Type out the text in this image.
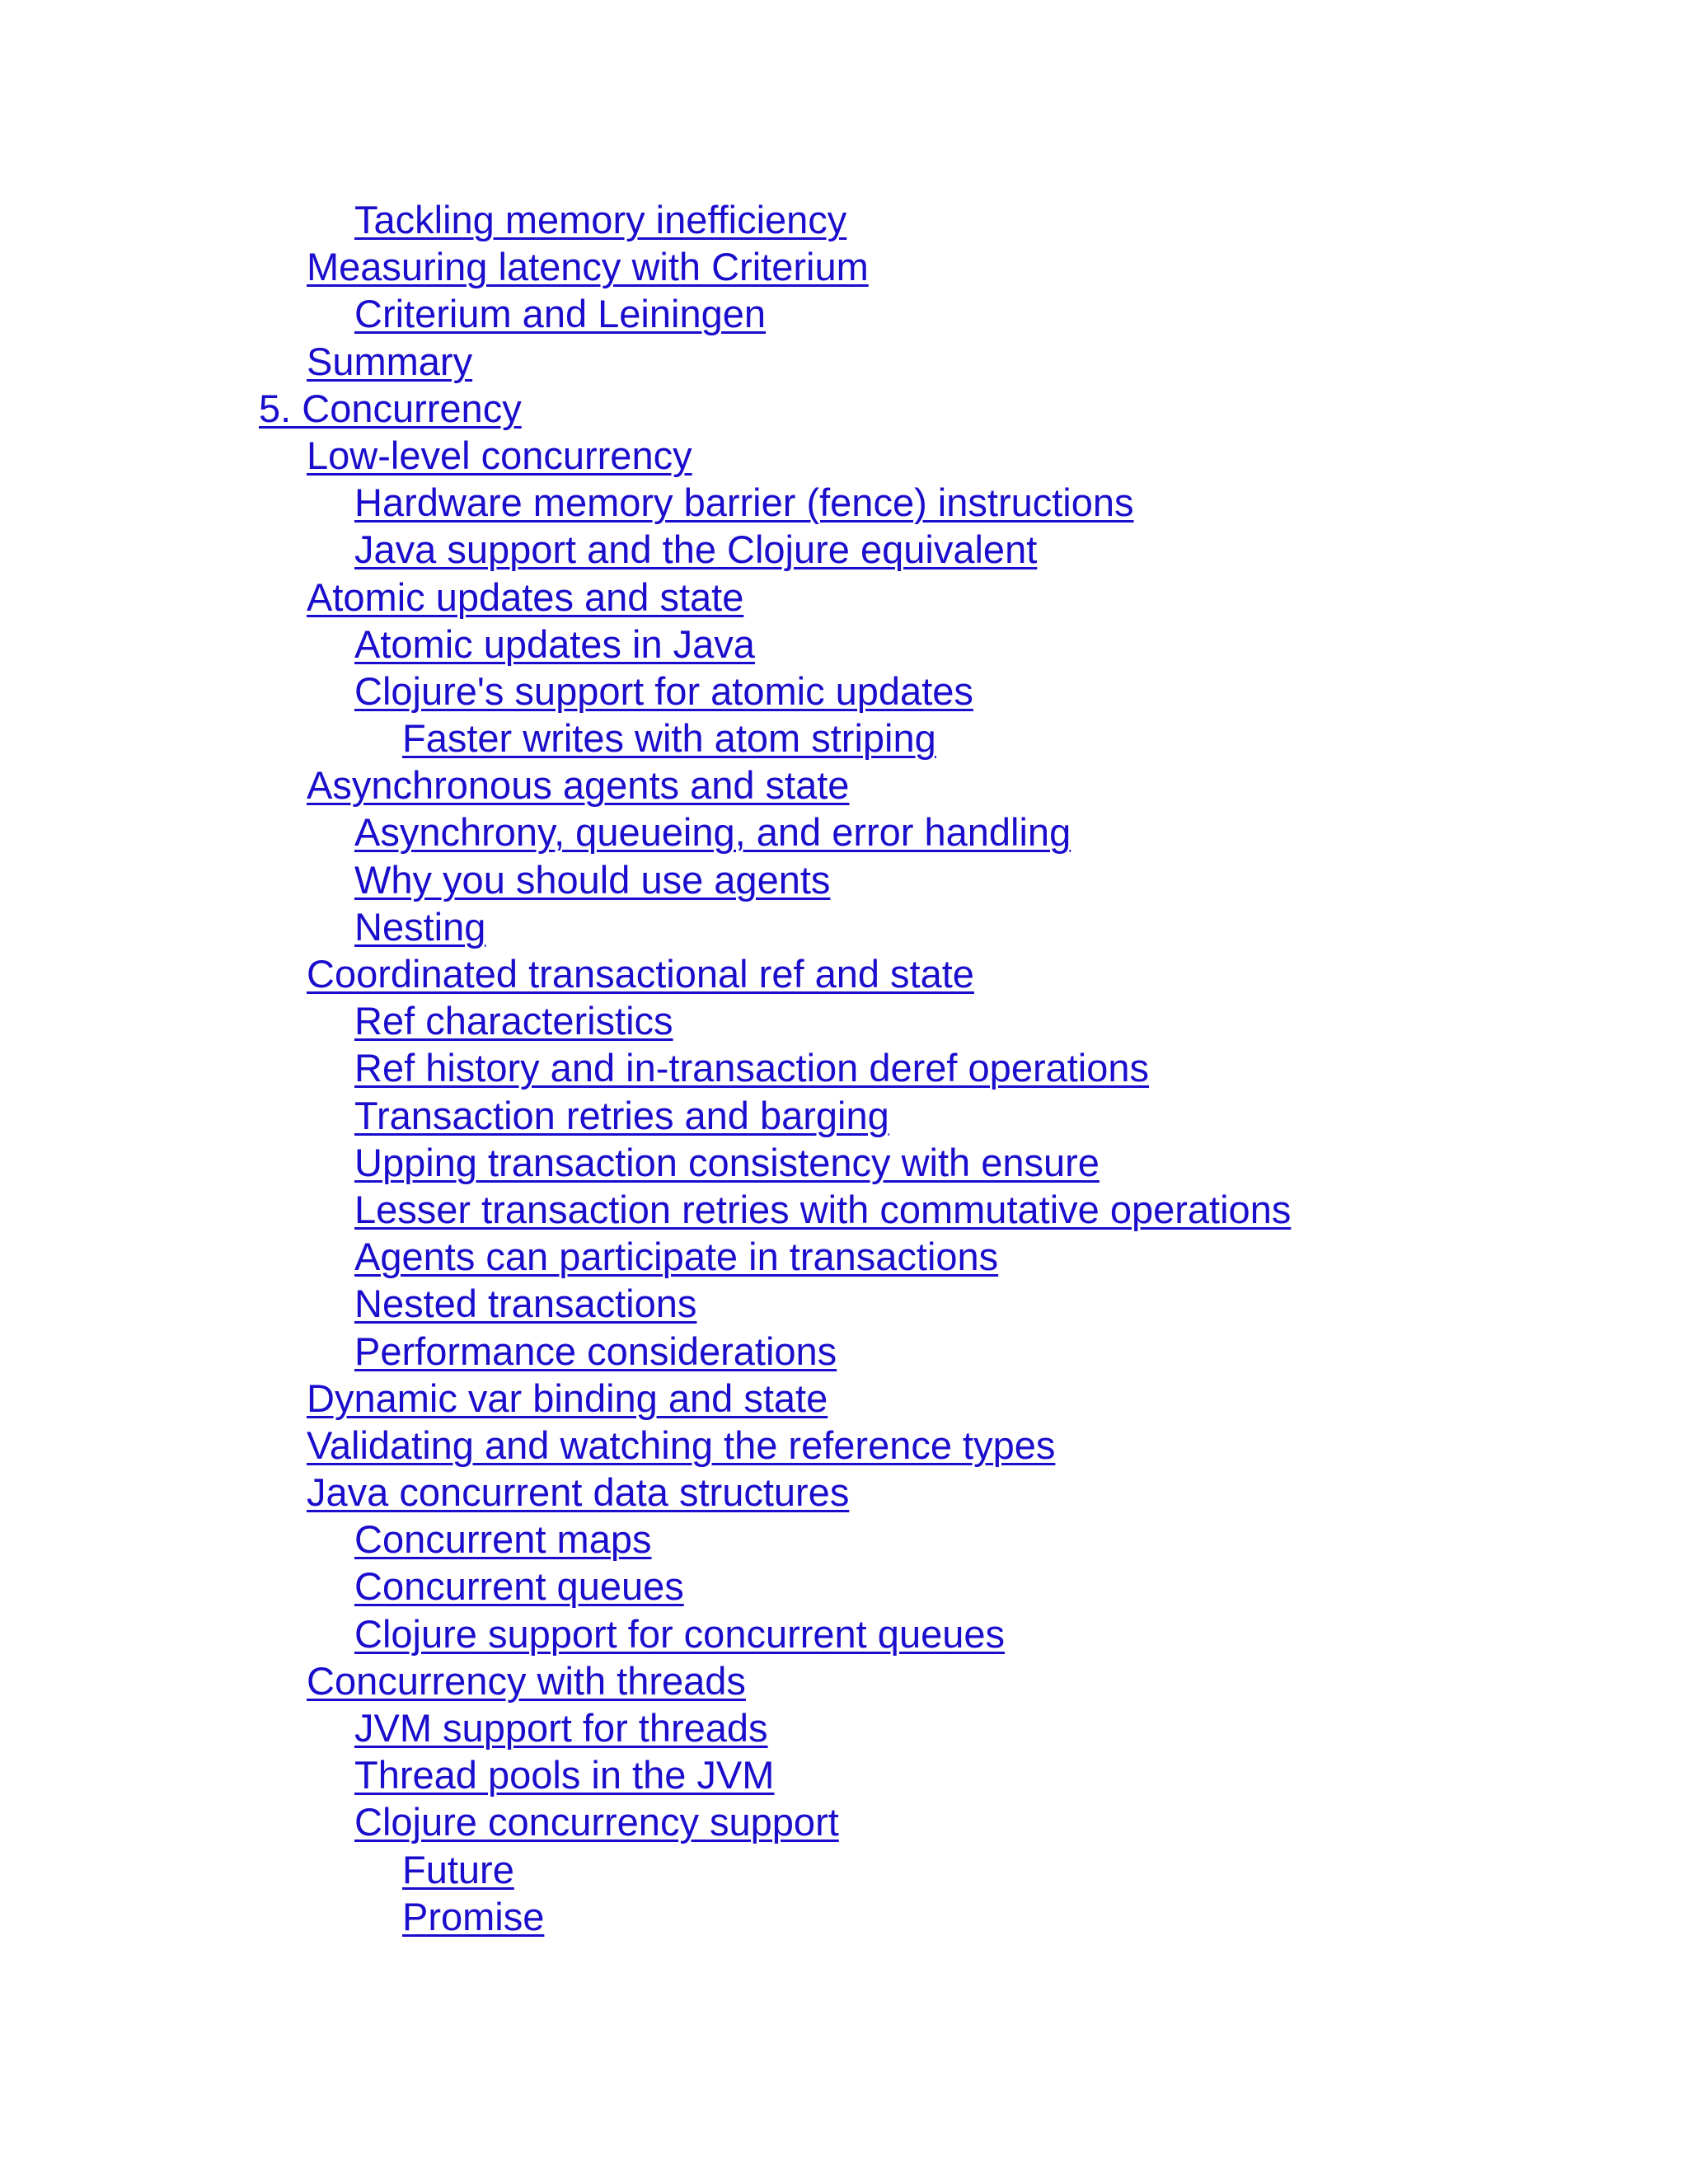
Tackling memory inefficiency
Measuring latency with Criterium
Criterium and Leiningen
Summary
5. Concurrency
Low-level concurrency
Hardware memory barrier (fence) instructions
Java support and the Clojure equivalent
Atomic updates and state
Atomic updates in Java
Clojure's support for atomic updates
Faster writes with atom striping
Asynchronous agents and state
Asynchrony, queueing, and error handling
Why you should use agents
Nesting
Coordinated transactional ref and state
Ref characteristics
Ref history and in-transaction deref operations
Transaction retries and barging
Upping transaction consistency with ensure
Lesser transaction retries with commutative operations
Agents can participate in transactions
Nested transactions
Performance considerations
Dynamic var binding and state
Validating and watching the reference types
Java concurrent data structures
Concurrent maps
Concurrent queues
Clojure support for concurrent queues
Concurrency with threads
JVM support for threads
Thread pools in the JVM
Clojure concurrency support
Future
Promise
